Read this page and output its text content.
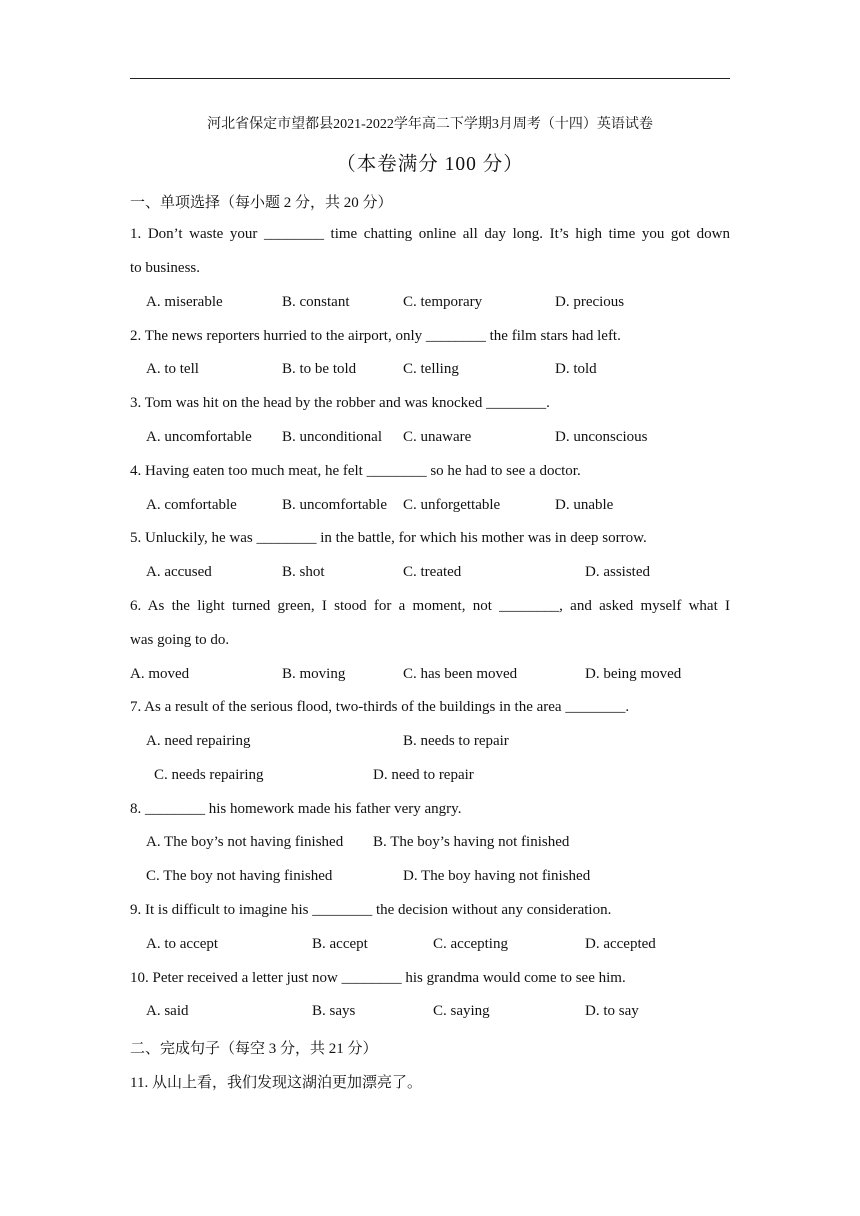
河北省保定市望都县2021-2022学年高二下学期3月周考（十四）英语试卷
（本卷满分 100 分）
一、单项选择（每小题 2 分，共 20 分）
1. Don’t waste your ________ time chatting online all day long. It’s high time you got down
to business.
A. miserable	B. constant	C. temporary	D. precious
2. The news reporters hurried to the airport, only ________ the film stars had left.
A. to tell	B. to be told	C. telling	D. told
3. Tom was hit on the head by the robber and was knocked ________.
A. uncomfortable B. unconditional C. unaware	D. unconscious
4. Having eaten too much meat, he felt ________ so he had to see a doctor.
A. comfortable	B. uncomfortable C. unforgettable	D. unable
5. Unluckily, he was ________ in the battle, for which his mother was in deep sorrow.
A. accused	B. shot	C. treated	D. assisted
6. As the light turned green, I stood for a moment, not ________, and asked myself what I
was going to do.
A. moved	B. moving	C. has been moved	D. being moved
7. As a result of the serious flood, two-thirds of the buildings in the area ________.
A. need repairing	B. needs to repair
C. needs repairing	D. need to repair
8. ________ his homework made his father very angry.
A. The boy’s not having finished B. The boy’s having not finished
C. The boy not having finished	D. The boy having not finished
9. It is difficult to imagine his ________ the decision without any consideration.
A. to accept	B. accept	C. accepting	D. accepted
10. Peter received a letter just now ________ his grandma would come to see him.
A. said	B. says	C. saying	D. to say
二、完成句子（每空 3 分，共 21 分）
11. 从山上看，我们发现这湖泊更加漂亮了。
